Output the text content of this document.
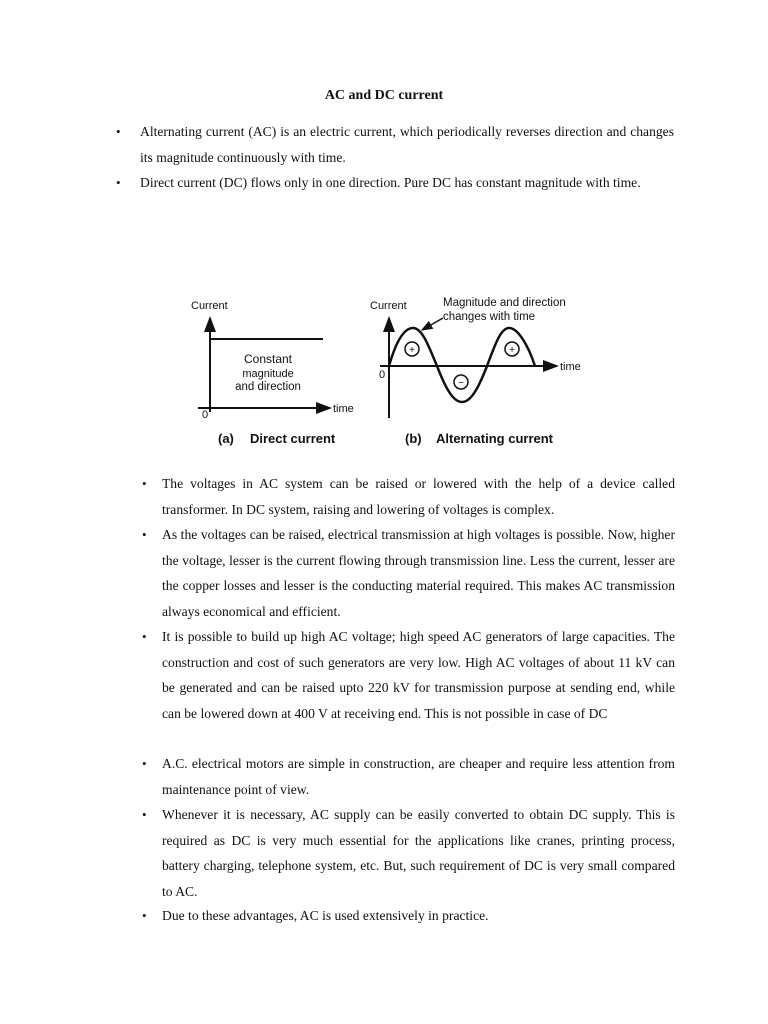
AC and DC current
• Alternating current (AC) is an electric current, which periodically reverses direction and changes its magnitude continuously with time.
• Direct current (DC) flows only in one direction. Pure DC has constant magnitude with time.
Current
time
0
Constant
magnitude
and direction
(a) Direct current
+
−
+
Current
time
0
Magnitude and direction
changes with time
(b) Alternating current
• The voltages in AC system can be raised or lowered with the help of a device called transformer. In DC system, raising and lowering of voltages is complex.
• As the voltages can be raised, electrical transmission at high voltages is possible. Now, higher the voltage, lesser is the current flowing through transmission line. Less the current, lesser are the copper losses and lesser is the conducting material required. This makes AC transmission always economical and efficient.
• It is possible to build up high AC voltage; high speed AC generators of large capacities. The construction and cost of such generators are very low. High AC voltages of about 11 kV can be generated and can be raised upto 220 kV for transmission purpose at sending end, while can be lowered down at 400 V at receiving end. This is not possible in case of DC
• A.C. electrical motors are simple in construction, are cheaper and require less attention from maintenance point of view.
• Whenever it is necessary, AC supply can be easily converted to obtain DC supply. This is required as DC is very much essential for the applications like cranes, printing process, battery charging, telephone system, etc. But, such requirement of DC is very small compared to AC.
• Due to these advantages, AC is used extensively in practice.
